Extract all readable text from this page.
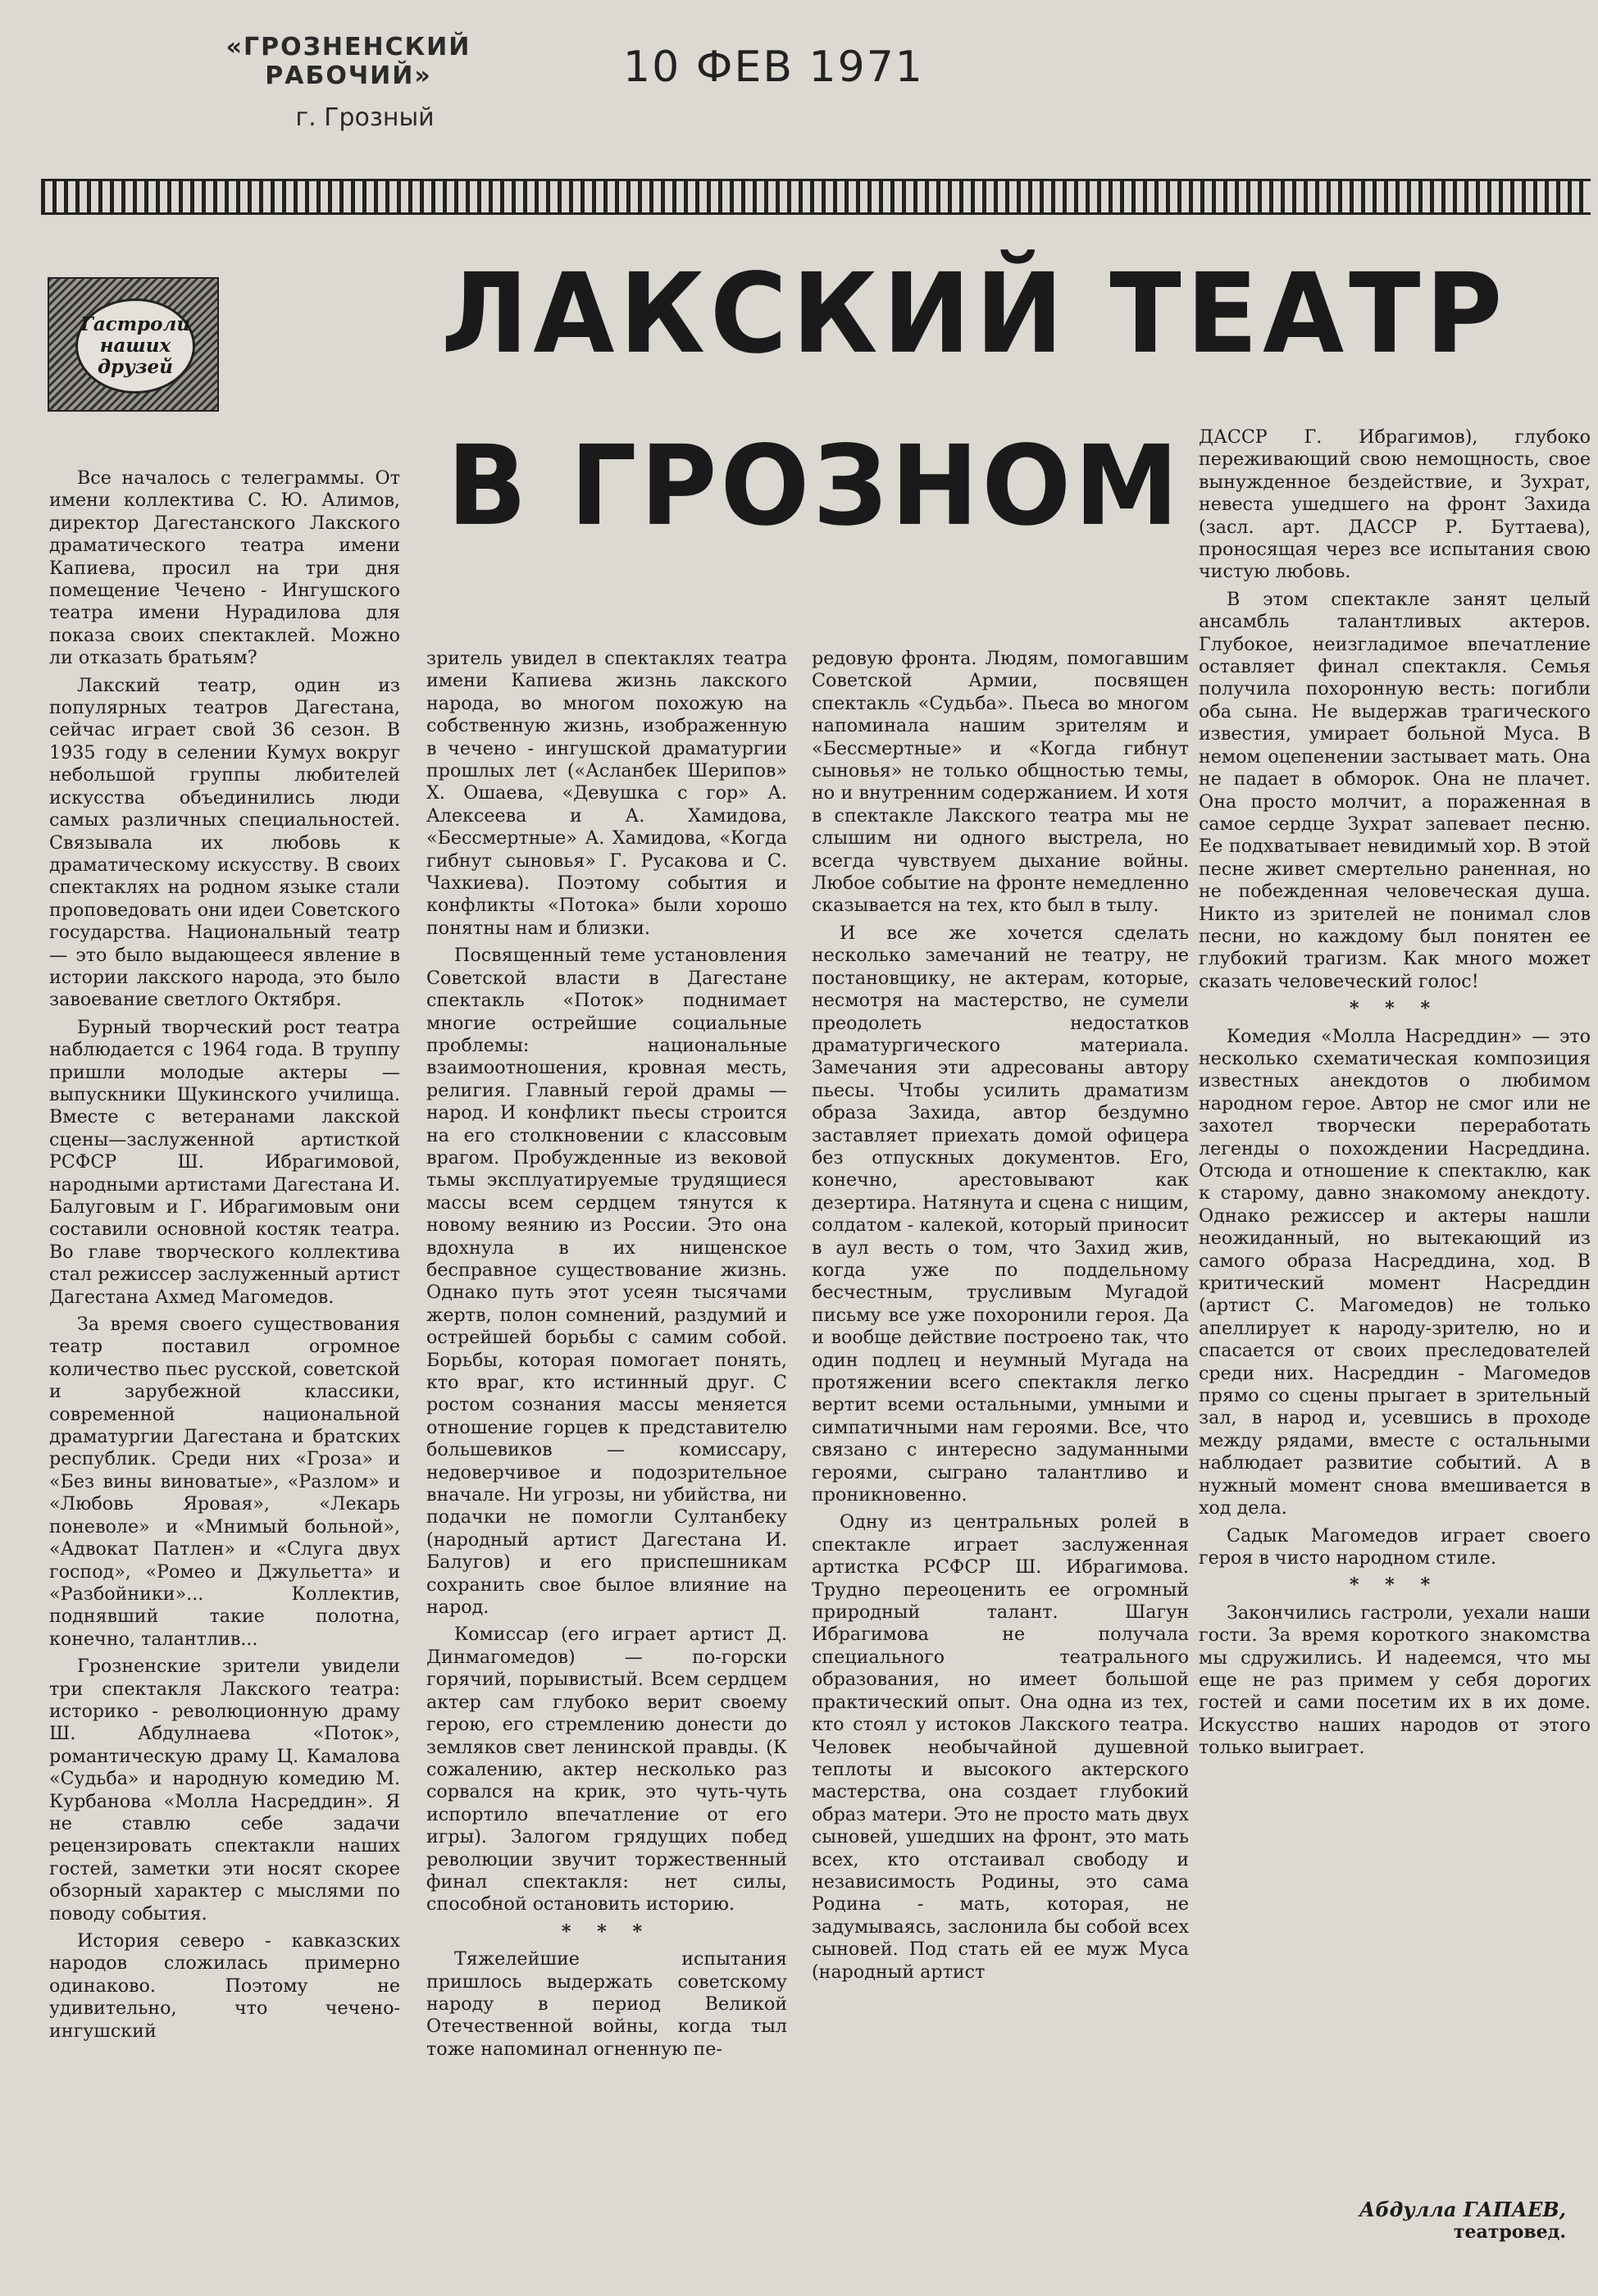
«ГРОЗНЕНСКИЙ РАБОЧИЙ»
г. Грозный
10 ФЕВ 1971
Гастроли
наших
друзей	ЛАКСКИЙ ТЕАТР
В ГРОЗНОМ

Все началось с телеграммы. От имени коллектива С. Ю. Алимов, директор Дагестанского Лакского драматического театра имени Капиева, просил на три дня помещение Чечено - Ингушского театра имени Нурадилова для показа своих спектаклей. Можно ли отказать братьям?

Лакский театр, один из популярных театров Дагестана, сейчас играет свой 36 сезон. В 1935 году в селении Кумух вокруг небольшой группы любителей искусства объединились люди самых различных специальностей. Связывала их любовь к драматическому искусству. В своих спектаклях на родном языке стали проповедовать они идеи Советского государства. Национальный театр — это было выдающееся явление в истории лакского народа, это было завоевание светлого Октября.

Бурный творческий рост театра наблюдается с 1964 года. В труппу пришли молодые актеры — выпускники Щукинского училища. Вместе с ветеранами лакской сцены—заслуженной артисткой РСФСР Ш. Ибрагимовой, народными артистами Дагестана И. Балуговым и Г. Ибрагимовым они составили основной костяк театра. Во главе творческого коллектива стал режиссер заслуженный артист Дагестана Ахмед Магомедов.

За время своего существования театр поставил огромное количество пьес русской, советской и зарубежной классики, современной национальной драматургии Дагестана и братских республик. Среди них «Гроза» и «Без вины виноватые», «Разлом» и «Любовь Яровая», «Лекарь поневоле» и «Мнимый больной», «Адвокат Патлен» и «Слуга двух господ», «Ромео и Джульетта» и «Разбойники»... Коллектив, поднявший такие полотна, конечно, талантлив...

Грозненские зрители увидели три спектакля Лакского театра: историко - революционную драму Ш. Абдулнаева «Поток», романтическую драму Ц. Камалова «Судьба» и народную комедию М. Курбанова «Молла Насреддин». Я не ставлю себе задачи рецензировать спектакли наших гостей, заметки эти носят скорее обзорный характер с мыслями по поводу события.

История северо - кавказских народов сложилась примерно одинаково. Поэтому не удивительно, что чечено-ингушский

зритель увидел в спектаклях театра имени Капиева жизнь лакского народа, во многом похожую на собственную жизнь, изображенную в чечено - ингушской драматургии прошлых лет («Асланбек Шерипов» Х. Ошаева, «Девушка с гор» А. Алексеева и А. Хамидова, «Бессмертные» А. Хамидова, «Когда гибнут сыновья» Г. Русакова и С. Чахкиева). Поэтому события и конфликты «Потока» были хорошо понятны нам и близки.

Посвященный теме установления Советской власти в Дагестане спектакль «Поток» поднимает многие острейшие социальные проблемы: национальные взаимоотношения, кровная месть, религия. Главный герой драмы — народ. И конфликт пьесы строится на его столкновении с классовым врагом. Пробужденные из вековой тьмы эксплуатируемые трудящиеся массы всем сердцем тянутся к новому веянию из России. Это она вдохнула в их нищенское бесправное существование жизнь. Однако путь этот усеян тысячами жертв, полон сомнений, раздумий и острейшей борьбы с самим собой. Борьбы, которая помогает понять, кто враг, кто истинный друг. С ростом сознания массы меняется отношение горцев к представителю большевиков — комиссару, недоверчивое и подозрительное вначале. Ни угрозы, ни убийства, ни подачки не помогли Султанбеку (народный артист Дагестана И. Балугов) и его приспешникам сохранить свое былое влияние на народ.

Комиссар (его играет артист Д. Динмагомедов) — по-горски горячий, порывистый. Всем сердцем актер сам глубоко верит своему герою, его стремлению донести до земляков свет ленинской правды. (К сожалению, актер несколько раз сорвался на крик, это чуть-чуть испортило впечатление от его игры). Залогом грядущих побед революции звучит торжественный финал спектакля: нет силы, способной остановить историю.

* * *

Тяжелейшие испытания пришлось выдержать советскому народу в период Великой Отечественной войны, когда тыл тоже напоминал огненную пе-

редовую фронта. Людям, помогавшим Советской Армии, посвящен спектакль «Судьба». Пьеса во многом напоминала нашим зрителям и «Бессмертные» и «Когда гибнут сыновья» не только общностью темы, но и внутренним содержанием. И хотя в спектакле Лакского театра мы не слышим ни одного выстрела, но всегда чувствуем дыхание войны. Любое событие на фронте немедленно сказывается на тех, кто был в тылу.

И все же хочется сделать несколько замечаний не театру, не постановщику, не актерам, которые, несмотря на мастерство, не сумели преодолеть недостатков драматургического материала. Замечания эти адресованы автору пьесы. Чтобы усилить драматизм образа Захида, автор бездумно заставляет приехать домой офицера без отпускных документов. Его, конечно, арестовывают как дезертира. Натянута и сцена с нищим, солдатом - калекой, который приносит в аул весть о том, что Захид жив, когда уже по поддельному бесчестным, трусливым Мугадой письму все уже похоронили героя. Да и вообще действие построено так, что один подлец и неумный Мугада на протяжении всего спектакля легко вертит всеми остальными, умными и симпатичными нам героями. Все, что связано с интересно задуманными героями, сыграно талантливо и проникновенно.

Одну из центральных ролей в спектакле играет заслуженная артистка РСФСР Ш. Ибрагимова. Трудно переоценить ее огромный природный талант. Шагун Ибрагимова не получала специального театрального образования, но имеет большой практический опыт. Она одна из тех, кто стоял у истоков Лакского театра. Человек необычайной душевной теплоты и высокого актерского мастерства, она создает глубокий образ матери. Это не просто мать двух сыновей, ушедших на фронт, это мать всех, кто отстаивал свободу и независимость Родины, это сама Родина - мать, которая, не задумываясь, заслонила бы собой всех сыновей. Под стать ей ее муж Муса (народный артист

ДАССР Г. Ибрагимов), глубоко переживающий свою немощность, свое вынужденное бездействие, и Зухрат, невеста ушедшего на фронт Захида (засл. арт. ДАССР Р. Буттаева), проносящая через все испытания свою чистую любовь.

В этом спектакле занят целый ансамбль талантливых актеров. Глубокое, неизгладимое впечатление оставляет финал спектакля. Семья получила похоронную весть: погибли оба сына. Не выдержав трагического известия, умирает больной Муса. В немом оцепенении застывает мать. Она не падает в обморок. Она не плачет. Она просто молчит, а пораженная в самое сердце Зухрат запевает песню. Ее подхватывает невидимый хор. В этой песне живет смертельно раненная, но не побежденная человеческая душа. Никто из зрителей не понимал слов песни, но каждому был понятен ее глубокий трагизм. Как много может сказать человеческий голос!

* * *

Комедия «Молла Насреддин» — это несколько схематическая композиция известных анекдотов о любимом народном герое. Автор не смог или не захотел творчески переработать легенды о похождении Насреддина. Отсюда и отношение к спектаклю, как к старому, давно знакомому анекдоту. Однако режиссер и актеры нашли неожиданный, но вытекающий из самого образа Насреддина, ход. В критический момент Насреддин (артист С. Магомедов) не только апеллирует к народу-зрителю, но и спасается от своих преследователей среди них. Насреддин - Магомедов прямо со сцены прыгает в зрительный зал, в народ и, усевшись в проходе между рядами, вместе с остальными наблюдает развитие событий. А в нужный момент снова вмешивается в ход дела.

Садык Магомедов играет своего героя в чисто народном стиле.

* * *

Закончились гастроли, уехали наши гости. За время короткого знакомства мы сдружились. И надеемся, что мы еще не раз примем у себя дорогих гостей и сами посетим их в их доме. Искусство наших народов от этого только выиграет.

Абдулла ГАПАЕВ,
театровед.
